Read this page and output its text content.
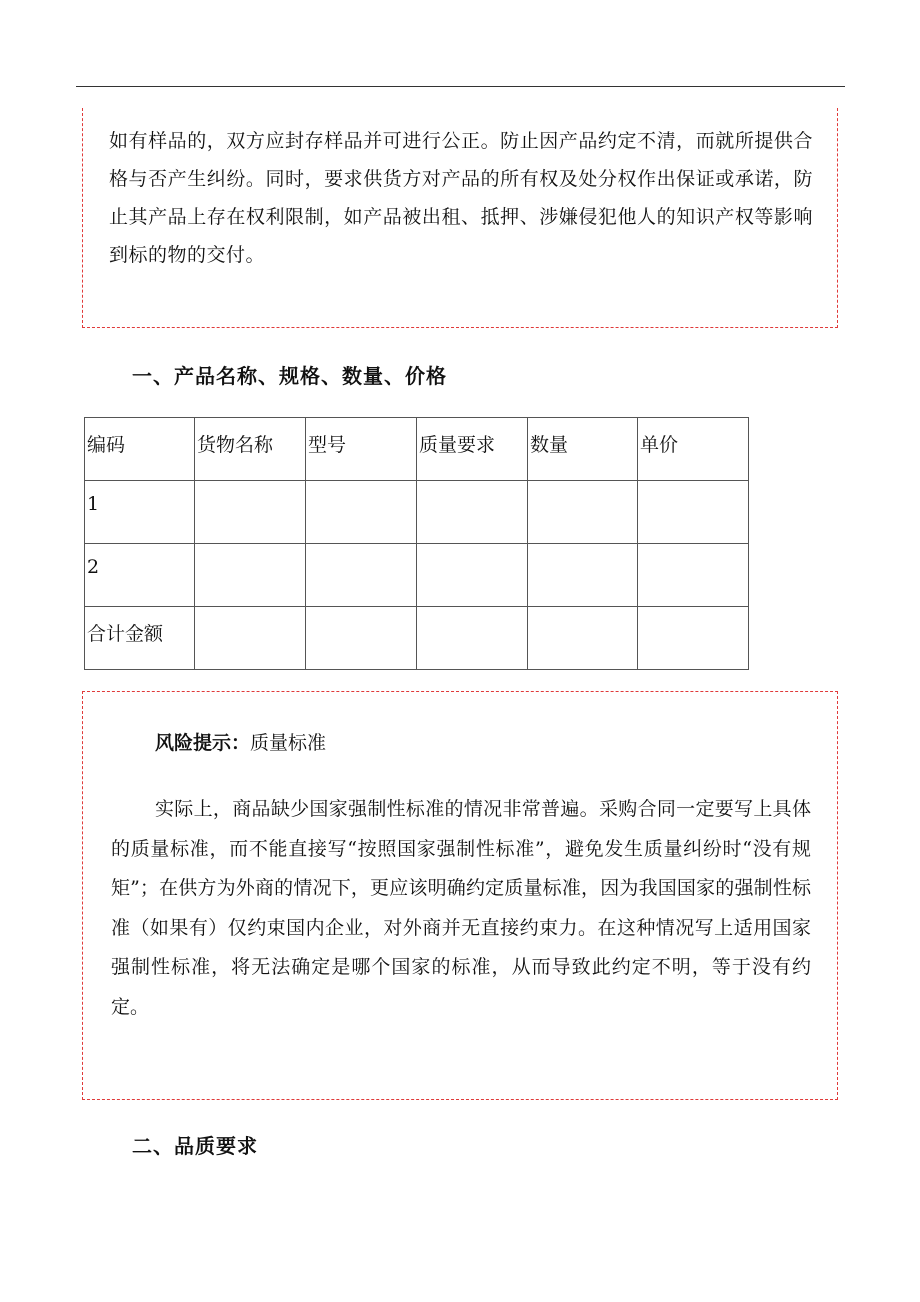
如有样品的，双方应封存样品并可进行公正。防止因产品约定不清，而就所提供合格与否产生纠纷。同时，要求供货方对产品的所有权及处分权作出保证或承诺，防止其产品上存在权利限制，如产品被出租、抵押、涉嫌侵犯他人的知识产权等影响到标的物的交付。
一、产品名称、规格、数量、价格
编码	货物名称	型号	质量要求	数量	单价

1					

2					

合计金额					

风险提示：质量标准
实际上，商品缺少国家强制性标准的情况非常普遍。采购合同一定要写上具体的质量标准，而不能直接写“按照国家强制性标准”，避免发生质量纠纷时“没有规矩”；在供方为外商的情况下，更应该明确约定质量标准，因为我国国家的强制性标准（如果有）仅约束国内企业，对外商并无直接约束力。在这种情况写上适用国家强制性标准，将无法确定是哪个国家的标准，从而导致此约定不明，等于没有约定。
二、品质要求
